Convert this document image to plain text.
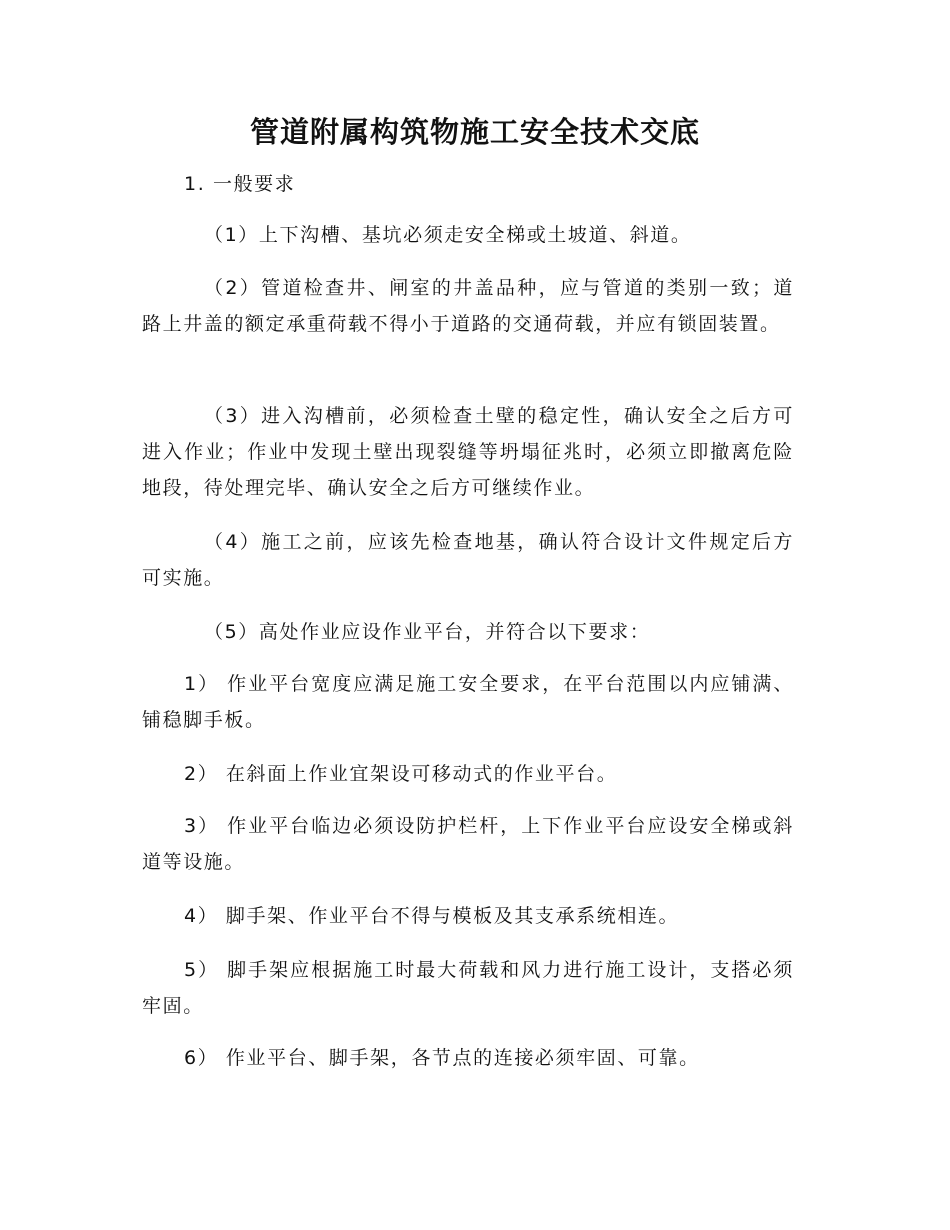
管道附属构筑物施工安全技术交底
1. 一般要求
（1）上下沟槽、基坑必须走安全梯或土坡道、斜道。
（2）管道检查井、闸室的井盖品种，应与管道的类别一致；道路上井盖的额定承重荷载不得小于道路的交通荷载，并应有锁固装置。
（3）进入沟槽前，必须检查土壁的稳定性，确认安全之后方可进入作业；作业中发现土壁出现裂缝等坍塌征兆时，必须立即撤离危险地段，待处理完毕、确认安全之后方可继续作业。
（4）施工之前，应该先检查地基，确认符合设计文件规定后方可实施。
（5）高处作业应设作业平台，并符合以下要求：
1） 作业平台宽度应满足施工安全要求，在平台范围以内应铺满、铺稳脚手板。
2） 在斜面上作业宜架设可移动式的作业平台。
3） 作业平台临边必须设防护栏杆，上下作业平台应设安全梯或斜道等设施。
4） 脚手架、作业平台不得与模板及其支承系统相连。
5） 脚手架应根据施工时最大荷载和风力进行施工设计，支搭必须牢固。
6） 作业平台、脚手架，各节点的连接必须牢固、可靠。
